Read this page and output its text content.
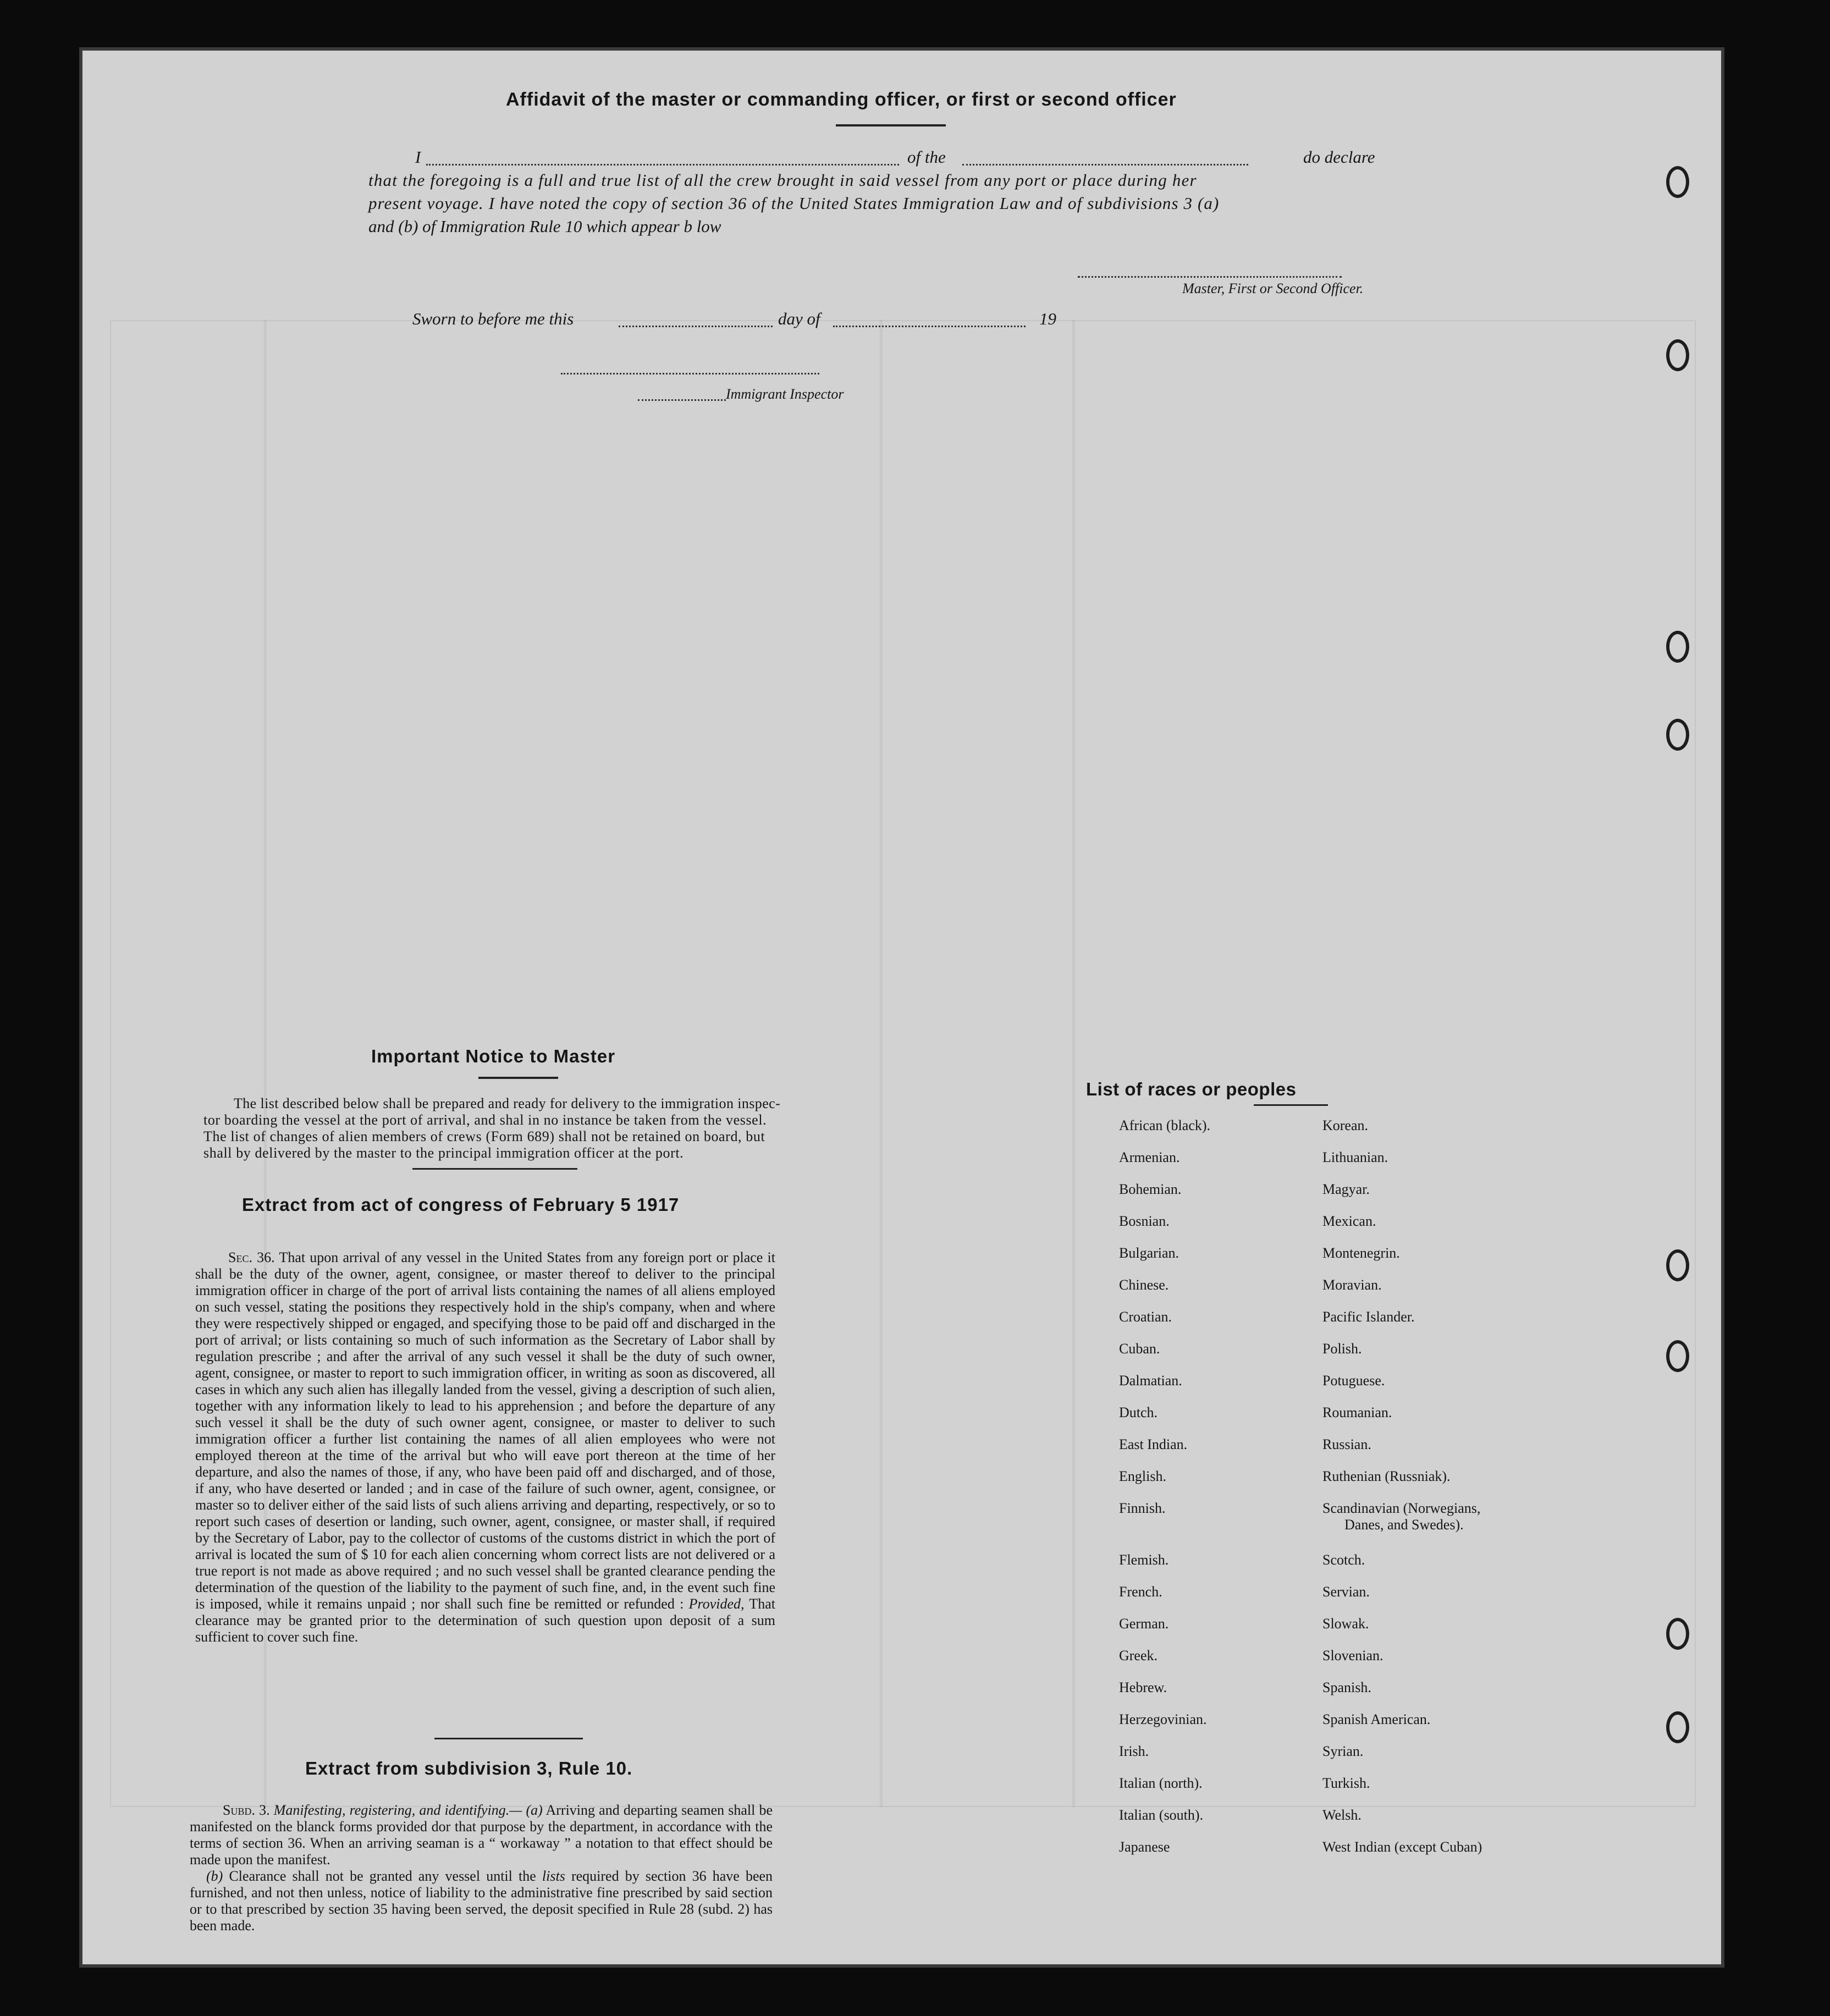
Affidavit of the master or commanding officer, or first or second officer
I	of the	do declare
that the foregoing is a full and true list of all the crew brought in said vessel from any port or place during her
present voyage. I have noted the copy of section 36 of the United States Immigration Law and of subdivisions 3 (a)
and (b) of Immigration Rule 10 which appear b low
Master, First or Second Officer.
Sworn to before me this	day of	19
Immigrant Inspector
Important Notice to Master
The list described below shall be prepared and ready for delivery to the immigration inspec-
tor boarding the vessel at the port of arrival, and shal in no instance be taken from the vessel.
The list of changes of alien members of crews (Form 689) shall not be retained on board, but
shall by delivered by the master to the principal immigration officer at the port.
Extract from act of congress of February 5 1917

Sec. 36. That upon arrival of any vessel in the United States from any foreign port or place it shall be the duty of the owner, agent, consignee, or master thereof to deliver to the principal immigration officer in charge of the port of arrival lists containing the names of all aliens employed on such vessel, stating the positions they respectively hold in the ship's company, when and where they were respectively shipped or engaged, and specifying those to be paid off and discharged in the port of arrival; or lists containing so much of such information as the Secretary of Labor shall by regulation prescribe ; and after the arrival of any such vessel it shall be the duty of such owner, agent, consignee, or master to report to such immigration officer, in writing as soon as discovered, all cases in which any such alien has illegally landed from the vessel, giving a description of such alien, together with any information likely to lead to his apprehension ; and before the departure of any such vessel it shall be the duty of such owner agent, consignee, or master to deliver to such immigration officer a further list containing the names of all alien employees who were not employed thereon at the time of the arrival but who will eave port thereon at the time of her departure, and also the names of those, if any, who have been paid off and discharged, and of those, if any, who have deserted or landed ; and in case of the failure of such owner, agent, consignee, or master so to deliver either of the said lists of such aliens arriving and departing, respectively, or so to report such cases of desertion or landing, such owner, agent, consignee, or master shall, if required by the Secretary of Labor, pay to the collector of customs of the customs district in which the port of arrival is located the sum of $ 10 for each alien concerning whom correct lists are not delivered or a true report is not made as above required ; and no such vessel shall be granted clearance pending the determination of the question of the liability to the payment of such fine, and, in the event such fine is imposed, while it remains unpaid ; nor shall such fine be remitted or refunded : Provided, That clearance may be granted prior to the determination of such question upon deposit of a sum sufficient to cover such fine.

Extract from subdivision 3, Rule 10.

Subd. 3. Manifesting, registering, and identifying.— (a) Arriving and departing seamen shall be manifested on the blanck forms provided dor that purpose by the department, in accordance with the terms of section 36. When an arriving seaman is a “ workaway ” a notation to that effect should be made upon the manifest.

(b) Clearance shall not be granted any vessel until the lists required by section 36 have been furnished, and not then unless, notice of liability to the administrative fine prescribed by said section or to that prescribed by section 35 having been served, the deposit specified in Rule 28 (subd. 2) has been made.

List of races or peoples
African (black).
Armenian.
Bohemian.
Bosnian.
Bulgarian.
Chinese.
Croatian.
Cuban.
Dalmatian.
Dutch.
East Indian.
English.
Finnish.
Flemish.
French.
German.
Greek.
Hebrew.
Herzegovinian.
Irish.
Italian (north).
Italian (south).
Japanese
Korean.
Lithuanian.
Magyar.
Mexican.
Montenegrin.
Moravian.
Pacific Islander.
Polish.
Potuguese.
Roumanian.
Russian.
Ruthenian (Russniak).
Scandinavian (Norwegians,
Scotch.
Servian.
Slowak.
Slovenian.
Spanish.
Spanish American.
Syrian.
Turkish.
Welsh.
West Indian (except Cuban)
Danes, and Swedes).
